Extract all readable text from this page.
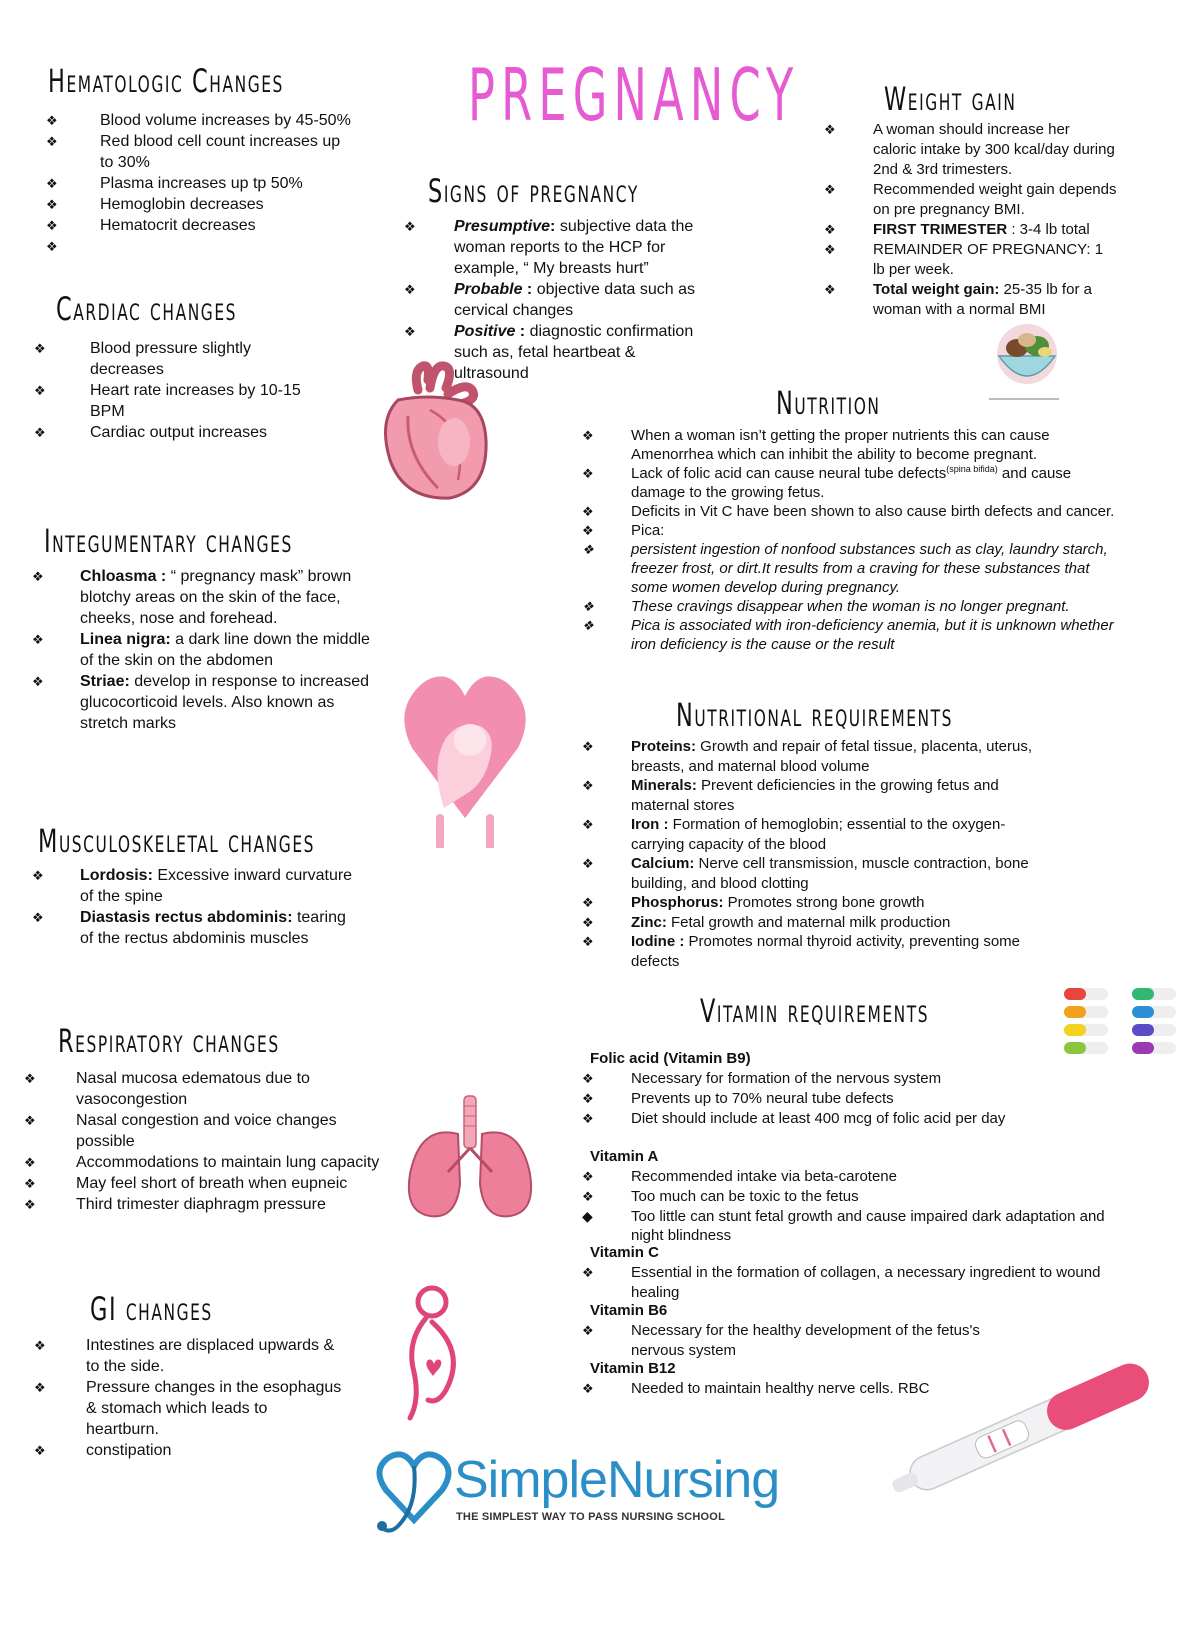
PREGNANCY
Hematologic Changes
❖ Blood volume increases by 45-50%
❖ Red blood cell count increases up to 30%
❖ Plasma increases up tp 50%
❖ Hemoglobin decreases
❖ Hematocrit decreases
❖
Cardiac changes
❖ Blood pressure slightly decreases
❖ Heart rate increases by 10-15 BPM
❖ Cardiac output increases
Signs of pregnancy
❖ Presumptive: subjective data the woman reports to the HCP for example, “ My breasts hurt”
❖ Probable : objective data such as cervical changes
❖ Positive : diagnostic confirmation such as, fetal heartbeat & ultrasound
Weight gain
❖ A woman should increase her caloric intake by 300 kcal/day during 2nd & 3rd trimesters.
❖ Recommended weight gain depends on pre pregnancy BMI.
❖ FIRST TRIMESTER : 3-4 lb total
❖ REMAINDER OF PREGNANCY: 1 lb per week.
❖ Total weight gain: 25-35 lb for a woman with a normal BMI
Nutrition
❖ When a woman isn’t getting the proper nutrients this can cause Amenorrhea which can inhibit the ability to become pregnant.
❖ Lack of folic acid can cause neural tube defects$^{(spina bifida)}$ and cause damage to the growing fetus.
❖ Deficits in Vit C have been shown to also cause birth defects and cancer.
❖ Pica:
❖ persistent ingestion of nonfood substances such as clay, laundry starch, freezer frost, or dirt.It results from a craving for these substances that some women develop during pregnancy.
❖ These cravings disappear when the woman is no longer pregnant.
❖ Pica is associated with iron-deficiency anemia, but it is unknown whether iron deficiency is the cause or the result
Integumentary changes
❖ Chloasma : “ pregnancy mask” brown blotchy areas on the skin of the face, cheeks, nose and forehead.
❖ Linea nigra: a dark line down the middle of the skin on the abdomen
❖ Striae: develop in response to increased glucocorticoid levels. Also known as stretch marks	Nutritional requirements
❖ Proteins: Growth and repair of fetal tissue, placenta, uterus, breasts, and maternal blood volume
❖ Minerals: Prevent deficiencies in the growing fetus and maternal stores
❖ Iron : Formation of hemoglobin; essential to the oxygen-carrying capacity of the blood
❖ Calcium: Nerve cell transmission, muscle contraction, bone building, and blood clotting
❖ Phosphorus: Promotes strong bone growth
❖ Zinc: Fetal growth and maternal milk production
❖ Iodine : Promotes normal thyroid activity, preventing some defects
Musculoskeletal changes
❖ Lordosis: Excessive inward curvature of the spine
❖ Diastasis rectus abdominis: tearing of the rectus abdominis muscles
Vitamin requirements
Folic acid (Vitamin B9)
❖ Necessary for formation of the nervous system
❖ Prevents up to 70% neural tube defects
❖ Diet should include at least 400 mcg of folic acid per day
Vitamin A
❖ Recommended intake via beta-carotene
❖ Too much can be toxic to the fetus
◆ Too little can stunt fetal growth and cause impaired dark adaptation and night blindness
Vitamin C
❖ Essential in the formation of collagen, a necessary ingredient to wound healing
Vitamin B6
❖ Necessary for the healthy development of the fetus's nervous system
Vitamin B12
❖ Needed to maintain healthy nerve cells. RBC
Respiratory changes
❖ Nasal mucosa edematous due to vasocongestion
❖ Nasal congestion and voice changes possible
❖ Accommodations to maintain lung capacity
❖ May feel short of breath when eupneic
❖ Third trimester diaphragm pressure
GI changes
❖ Intestines are displaced upwards & to the side.
❖ Pressure changes in the esophagus & stomach which leads to heartburn.
❖ constipation
SimpleNursing
THE SIMPLEST WAY TO PASS NURSING SCHOOL
